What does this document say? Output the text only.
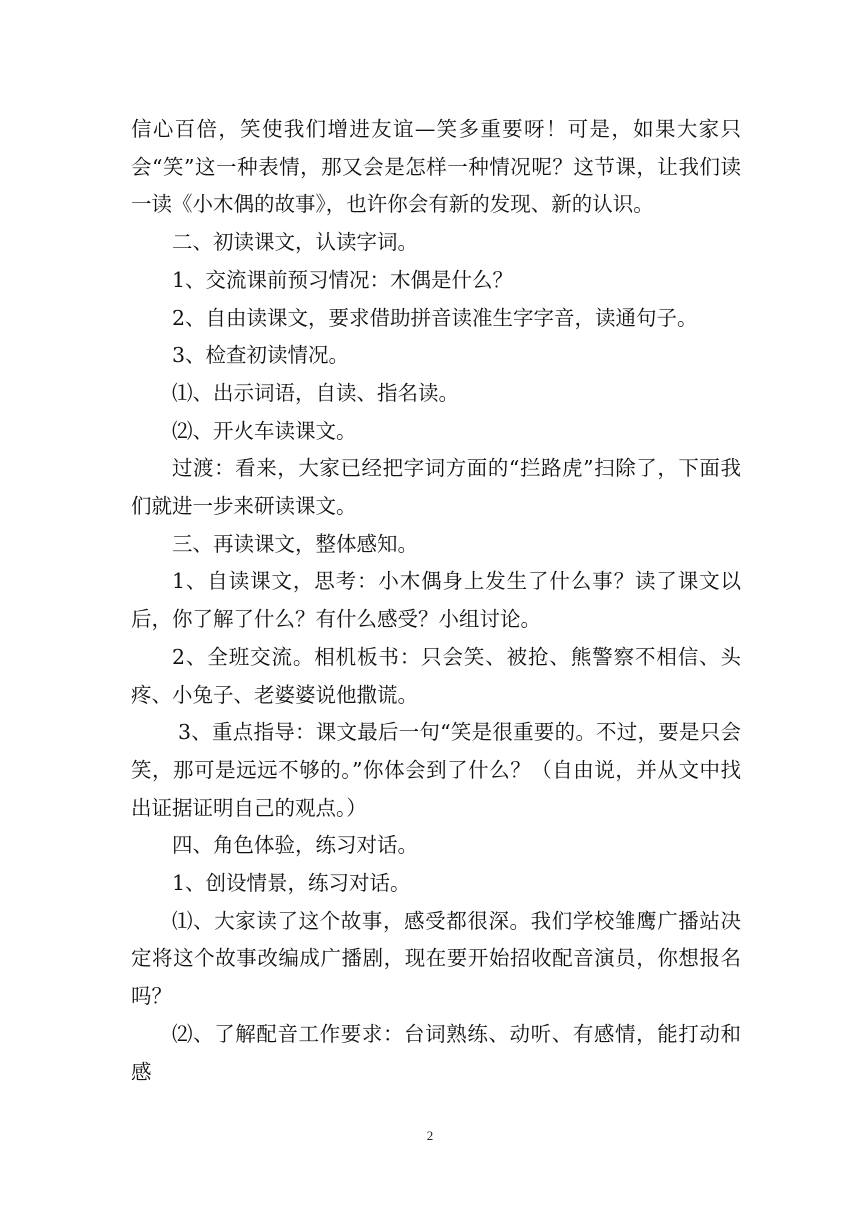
信心百倍，笑使我们增进友谊—笑多重要呀！可是，如果大家只会“笑”这一种表情，那又会是怎样一种情况呢？这节课，让我们读一读《小木偶的故事》，也许你会有新的发现、新的认识。

二、初读课文，认读字词。

1、交流课前预习情况：木偶是什么？

2、自由读课文，要求借助拼音读准生字字音，读通句子。

3、检查初读情况。

⑴、出示词语，自读、指名读。

⑵、开火车读课文。

过渡：看来，大家已经把字词方面的“拦路虎”扫除了，下面我们就进一步来研读课文。

三、再读课文，整体感知。

1、自读课文，思考：小木偶身上发生了什么事？读了课文以后，你了解了什么？有什么感受？小组讨论。

2、全班交流。相机板书：只会笑、被抢、熊警察不相信、头疼、小兔子、老婆婆说他撒谎。

3、重点指导：课文最后一句“笑是很重要的。不过，要是只会笑，那可是远远不够的。”你体会到了什么？（自由说，并从文中找出证据证明自己的观点。）

四、角色体验，练习对话。

1、创设情景，练习对话。

⑴、大家读了这个故事，感受都很深。我们学校雏鹰广播站决定将这个故事改编成广播剧，现在要开始招收配音演员，你想报名吗？

⑵、了解配音工作要求：台词熟练、动听、有感情，能打动和感

2
